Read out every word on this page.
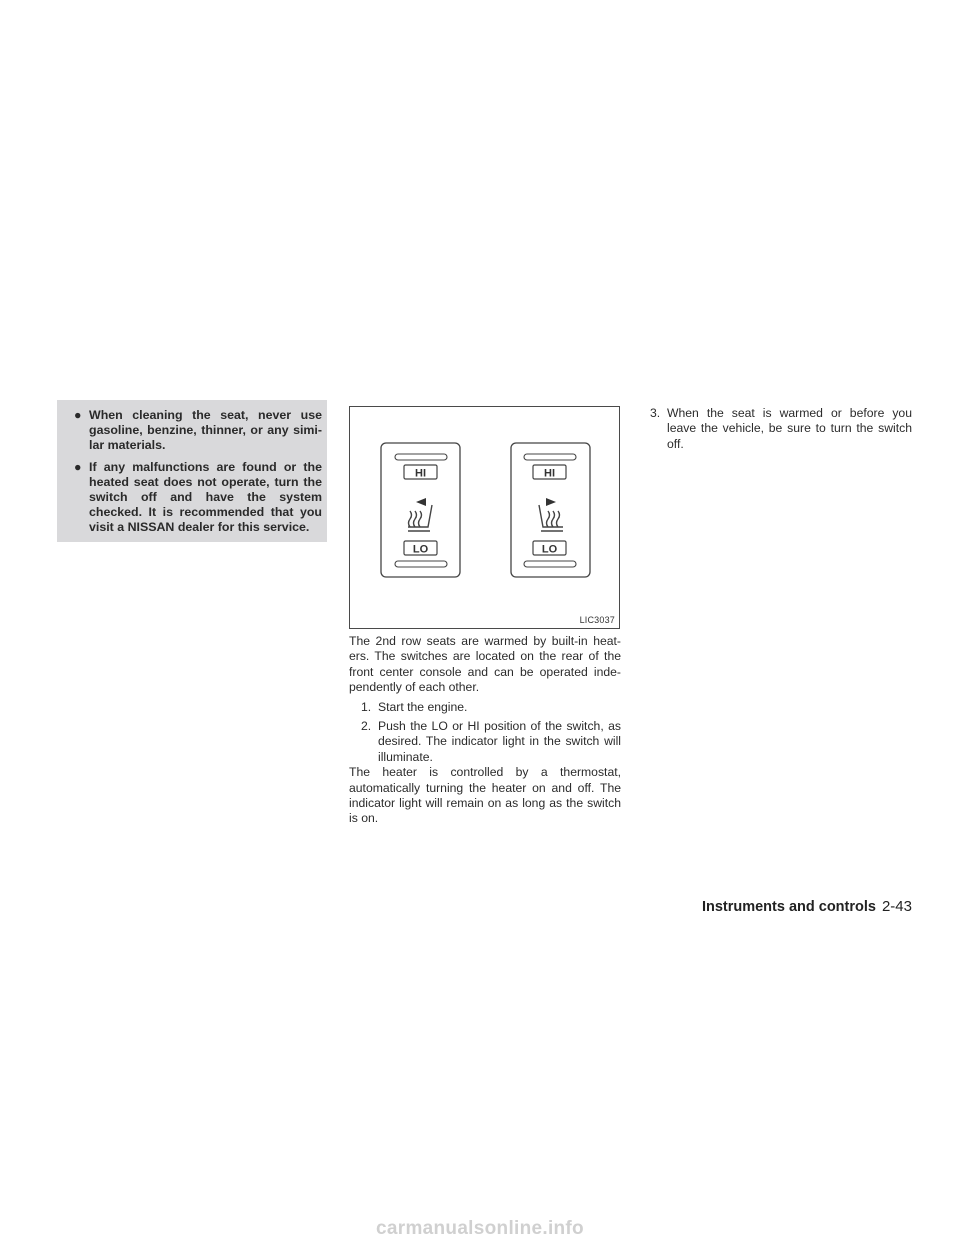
● When cleaning the seat, never use gasoline, benzine, thinner, or any simi-lar materials.
● If any malfunctions are found or the heated seat does not operate, turn the switch off and have the system checked. It is recommended that you visit a NISSAN dealer for this service.
HI
LO
HI
LO
LIC3037

The 2nd row seats are warmed by built-in heat-ers. The switches are located on the rear of the front center console and can be operated inde-pendently of each other.

1. Start the engine.
2. Push the LO or HI position of the switch, as desired. The indicator light in the switch will illuminate.

The heater is controlled by a thermostat, automatically turning the heater on and off. The indicator light will remain on as long as the switch is on.

3. When the seat is warmed or before you leave the vehicle, be sure to turn the switch off.
Instruments and controls 2-43
carmanualsonline.info
